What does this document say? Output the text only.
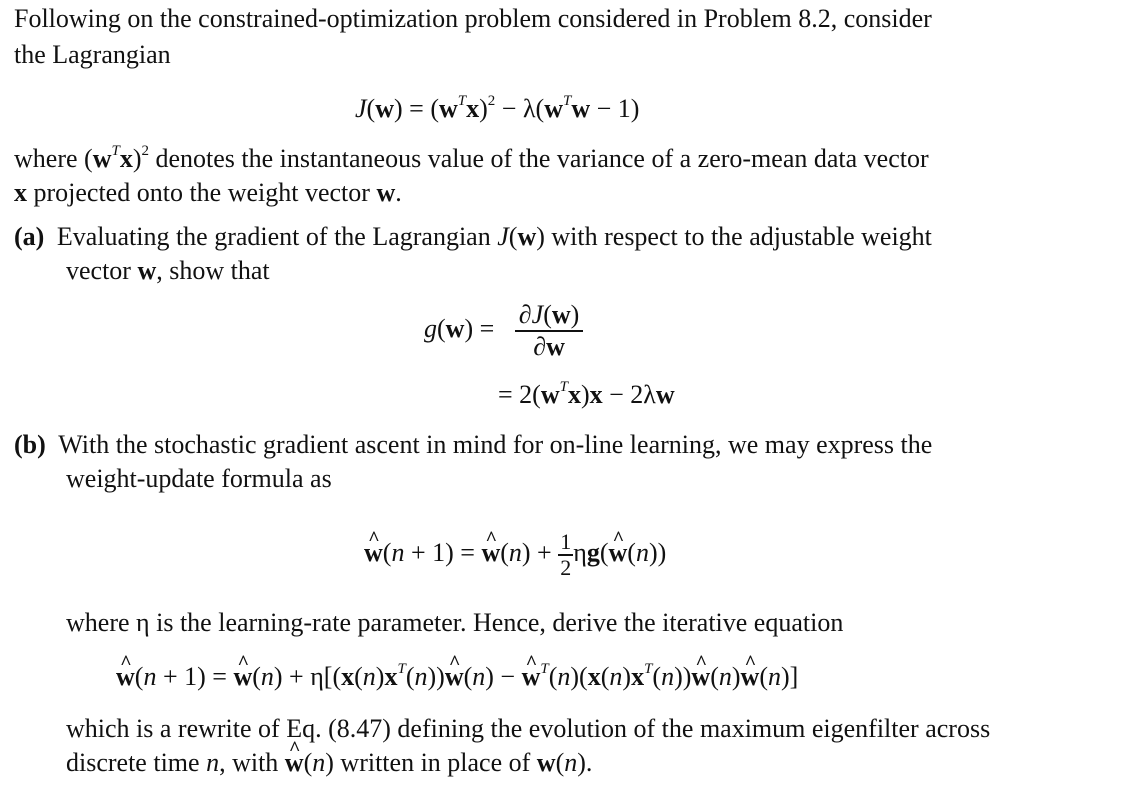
Following on the constrained-optimization problem considered in Problem 8.2, consider
the Lagrangian
$J(w) = (w^Tx)^2 - \lambda(w^Tw - 1)$
where $(w^Tx)^2$ denotes the instantaneous value of the variance of a zero-mean data vector
x projected onto the weight vector w.
(a) Evaluating the gradient of the Lagrangian J(w) with respect to the adjustable weight
vector w, show that
$g(w) = \frac{\partial J(w)}{\partial w}$
= $2(w^Tx)x - 2\lambda w$
(b) With the stochastic gradient ascent in mind for on-line learning, we may express the
weight-update formula as
^ w(n + 1) = ^ $w(n) + \frac{1}{2}$ ηg(^ w(n))
where η is the learning-rate parameter. Hence, derive the iterative equation
^ w(n + 1) = ^ $w(n) + \eta[(x(n)x^T(n))\^{}$ w(n) − ^ $w^T(n)(x(n)x^T(n))\^{}$ w(n)^ w(n)]
which is a rewrite of Eq. (8.47) defining the evolution of the maximum eigenfilter across
discrete time n, with ^ w(n) written in place of w(n).
